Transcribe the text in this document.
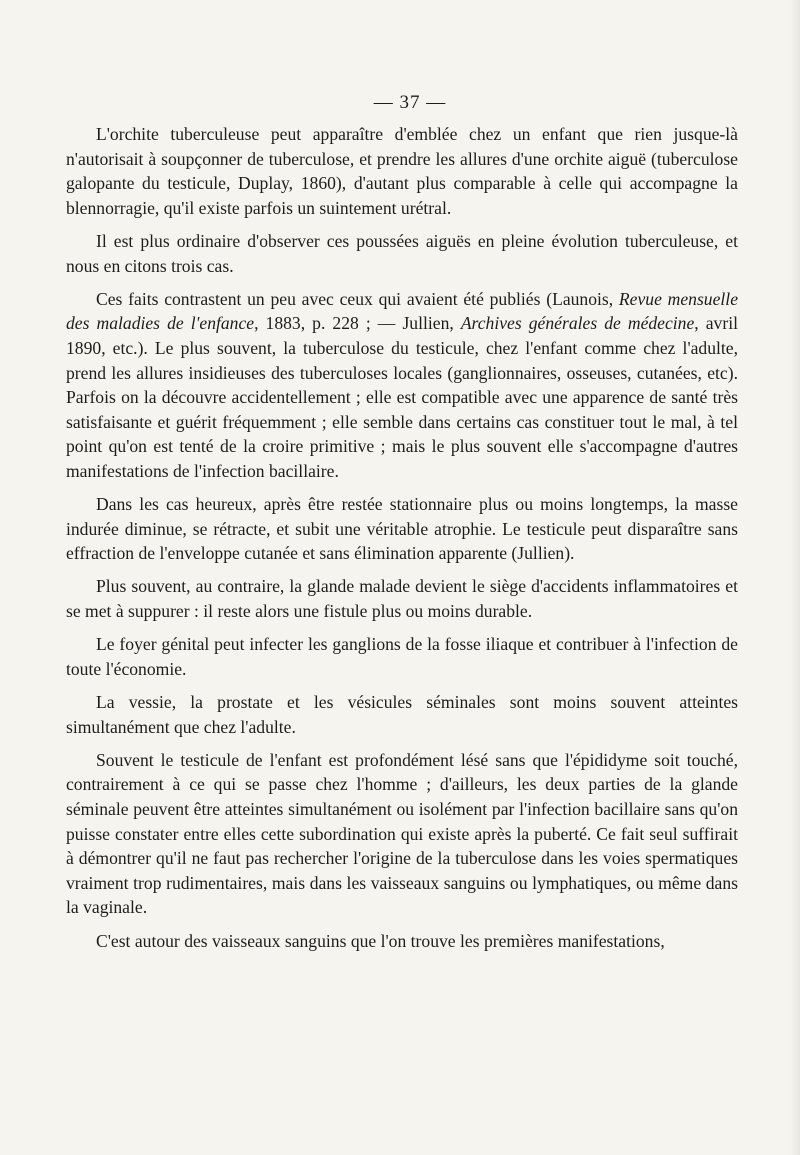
— 37 —

L'orchite tuberculeuse peut apparaître d'emblée chez un enfant que rien jusque-là n'autorisait à soupçonner de tuberculose, et prendre les allures d'une orchite aiguë (tuberculose galopante du testicule, Duplay, 1860), d'autant plus comparable à celle qui accompagne la blennorragie, qu'il existe parfois un suintement urétral.

Il est plus ordinaire d'observer ces poussées aiguës en pleine évolution tuberculeuse, et nous en citons trois cas.

Ces faits contrastent un peu avec ceux qui avaient été publiés (Launois, Revue mensuelle des maladies de l'enfance, 1883, p. 228 ; — Jullien, Archives générales de médecine, avril 1890, etc.). Le plus souvent, la tuberculose du testicule, chez l'enfant comme chez l'adulte, prend les allures insidieuses des tuberculoses locales (ganglionnaires, osseuses, cutanées, etc). Parfois on la découvre accidentellement ; elle est compatible avec une apparence de santé très satisfaisante et guérit fréquemment ; elle semble dans certains cas constituer tout le mal, à tel point qu'on est tenté de la croire primitive ; mais le plus souvent elle s'accompagne d'autres manifestations de l'infection bacillaire.

Dans les cas heureux, après être restée stationnaire plus ou moins longtemps, la masse indurée diminue, se rétracte, et subit une véritable atrophie. Le testicule peut disparaître sans effraction de l'enveloppe cutanée et sans élimination apparente (Jullien).

Plus souvent, au contraire, la glande malade devient le siège d'accidents inflammatoires et se met à suppurer : il reste alors une fistule plus ou moins durable.

Le foyer génital peut infecter les ganglions de la fosse iliaque et contribuer à l'infection de toute l'économie.

La vessie, la prostate et les vésicules séminales sont moins souvent atteintes simultanément que chez l'adulte.

Souvent le testicule de l'enfant est profondément lésé sans que l'épididyme soit touché, contrairement à ce qui se passe chez l'homme ; d'ailleurs, les deux parties de la glande séminale peuvent être atteintes simultanément ou isolément par l'infection bacillaire sans qu'on puisse constater entre elles cette subordination qui existe après la puberté. Ce fait seul suffirait à démontrer qu'il ne faut pas rechercher l'origine de la tuberculose dans les voies spermatiques vraiment trop rudimentaires, mais dans les vaisseaux sanguins ou lymphatiques, ou même dans la vaginale.

C'est autour des vaisseaux sanguins que l'on trouve les premières manifestations,
